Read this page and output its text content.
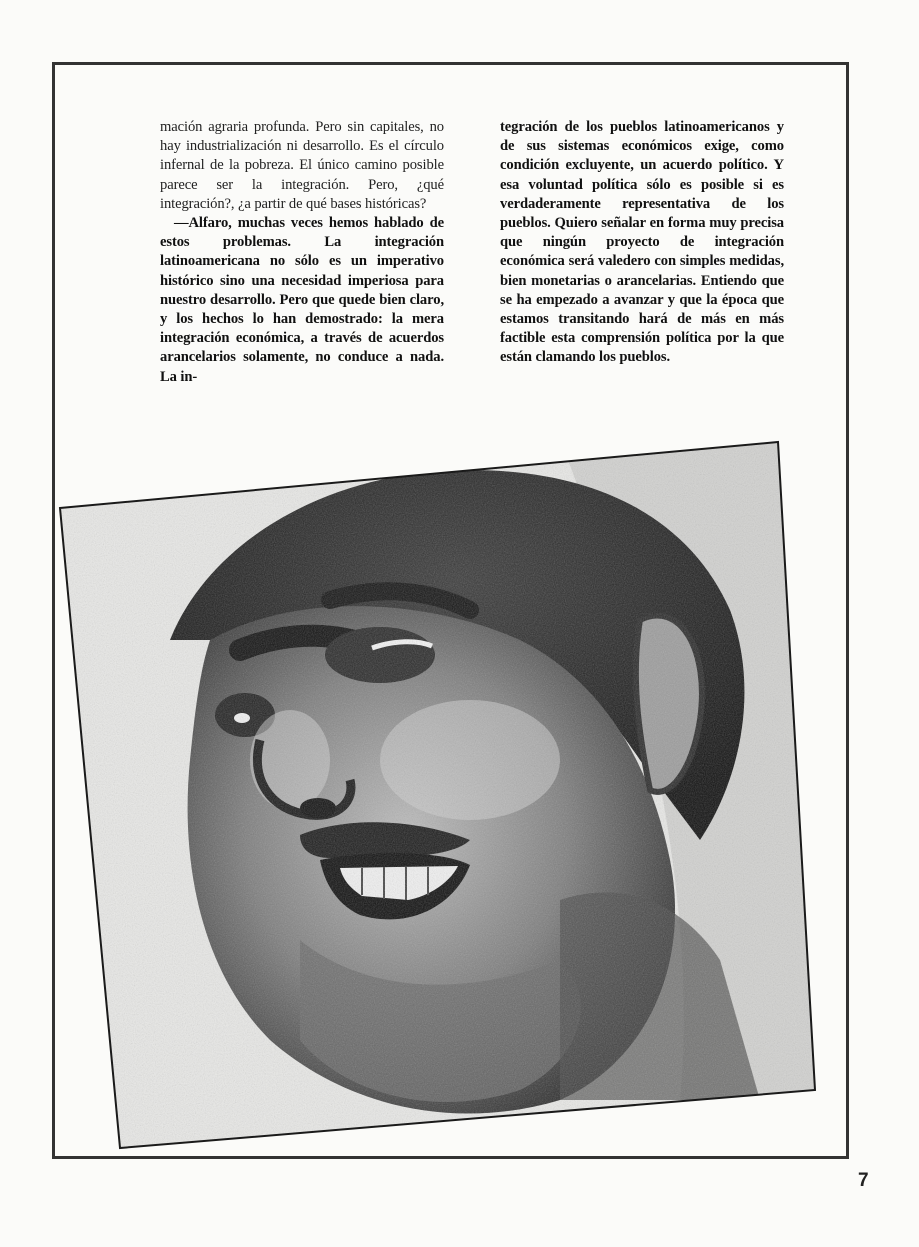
mación agraria profunda. Pero sin capitales, no hay industrialización ni desarrollo. Es el círculo infernal de la pobreza. El único camino posible parece ser la integración. Pero, ¿qué integración?, ¿a partir de qué bases históricas?

—Alfaro, muchas veces hemos hablado de estos problemas. La integración latinoamericana no sólo es un imperativo histórico sino una necesidad imperiosa para nuestro desarrollo. Pero que quede bien claro, y los hechos lo han demostrado: la mera integración económica, a través de acuerdos arancelarios solamente, no conduce a nada. La in-

tegración de los pueblos latinoamericanos y de sus sistemas económicos exige, como condición excluyente, un acuerdo político. Y esa voluntad política sólo es posible si es verdaderamente representativa de los pueblos. Quiero señalar en forma muy precisa que ningún proyecto de integración económica será valedero con simples medidas, bien monetarias o arancelarias. Entiendo que se ha empezado a avanzar y que la época que estamos transitando hará de más en más factible esta comprensión política por la que están clamando los pueblos.

7
